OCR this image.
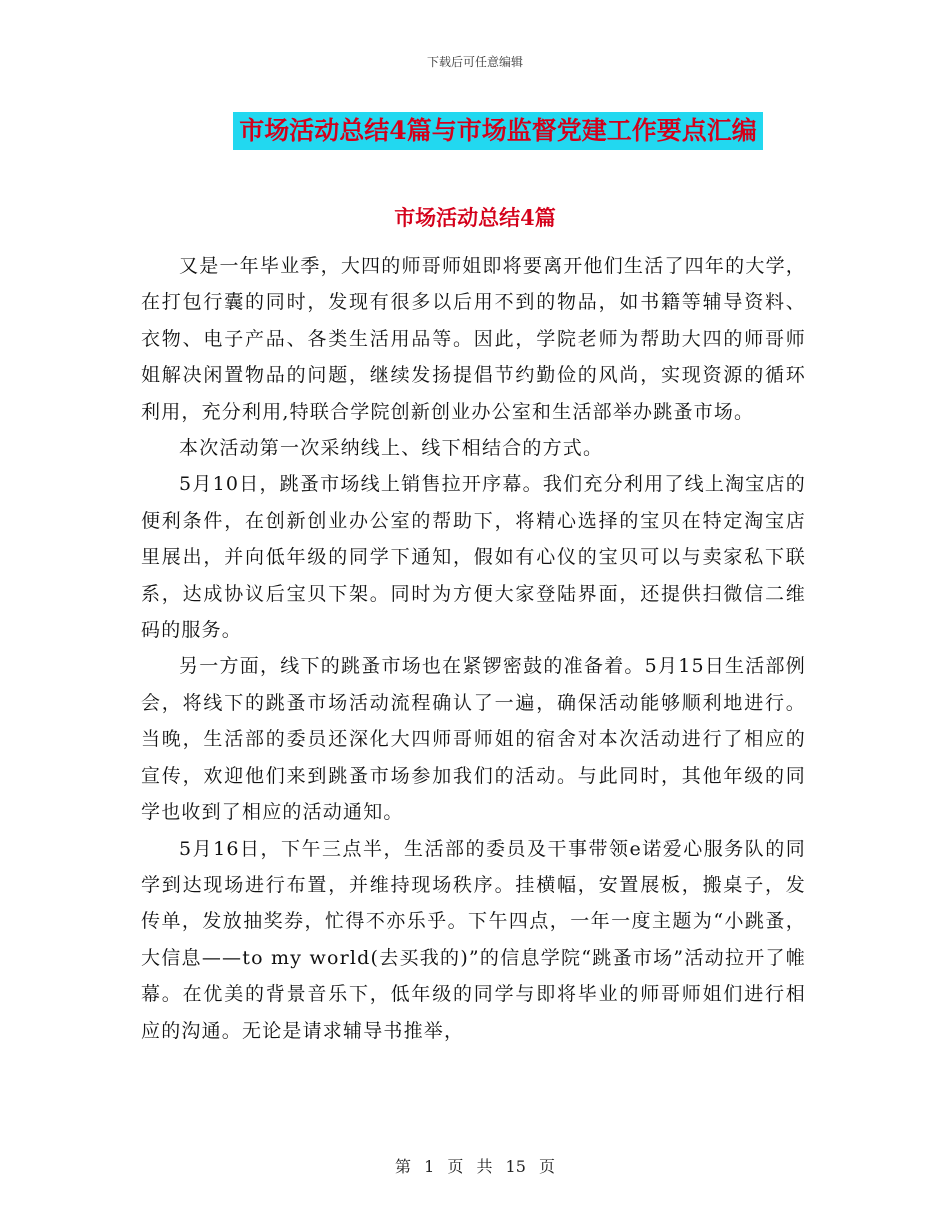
下载后可任意编辑
市场活动总结4篇与市场监督党建工作要点汇编
市场活动总结4篇

又是一年毕业季，大四的师哥师姐即将要离开他们生活了四年的大学，在打包行囊的同时，发现有很多以后用不到的物品，如书籍等辅导资料、衣物、电子产品、各类生活用品等。因此，学院老师为帮助大四的师哥师姐解决闲置物品的问题，继续发扬提倡节约勤俭的风尚，实现资源的循环利用，充分利用,特联合学院创新创业办公室和生活部举办跳蚤市场。

本次活动第一次采纳线上、线下相结合的方式。

5月10日，跳蚤市场线上销售拉开序幕。我们充分利用了线上淘宝店的便利条件，在创新创业办公室的帮助下，将精心选择的宝贝在特定淘宝店里展出，并向低年级的同学下通知，假如有心仪的宝贝可以与卖家私下联系，达成协议后宝贝下架。同时为方便大家登陆界面，还提供扫微信二维码的服务。

另一方面，线下的跳蚤市场也在紧锣密鼓的准备着。5月15日生活部例会，将线下的跳蚤市场活动流程确认了一遍，确保活动能够顺利地进行。当晚，生活部的委员还深化大四师哥师姐的宿舍对本次活动进行了相应的宣传，欢迎他们来到跳蚤市场参加我们的活动。与此同时，其他年级的同学也收到了相应的活动通知。

5月16日，下午三点半，生活部的委员及干事带领e诺爱心服务队的同学到达现场进行布置，并维持现场秩序。挂横幅，安置展板，搬桌子，发传单，发放抽奖券，忙得不亦乐乎。下午四点，一年一度主题为“小跳蚤，大信息——to my world(去买我的)”的信息学院“跳蚤市场”活动拉开了帷幕。在优美的背景音乐下，低年级的同学与即将毕业的师哥师姐们进行相应的沟通。无论是请求辅导书推举，

第 1 页 共 15 页
